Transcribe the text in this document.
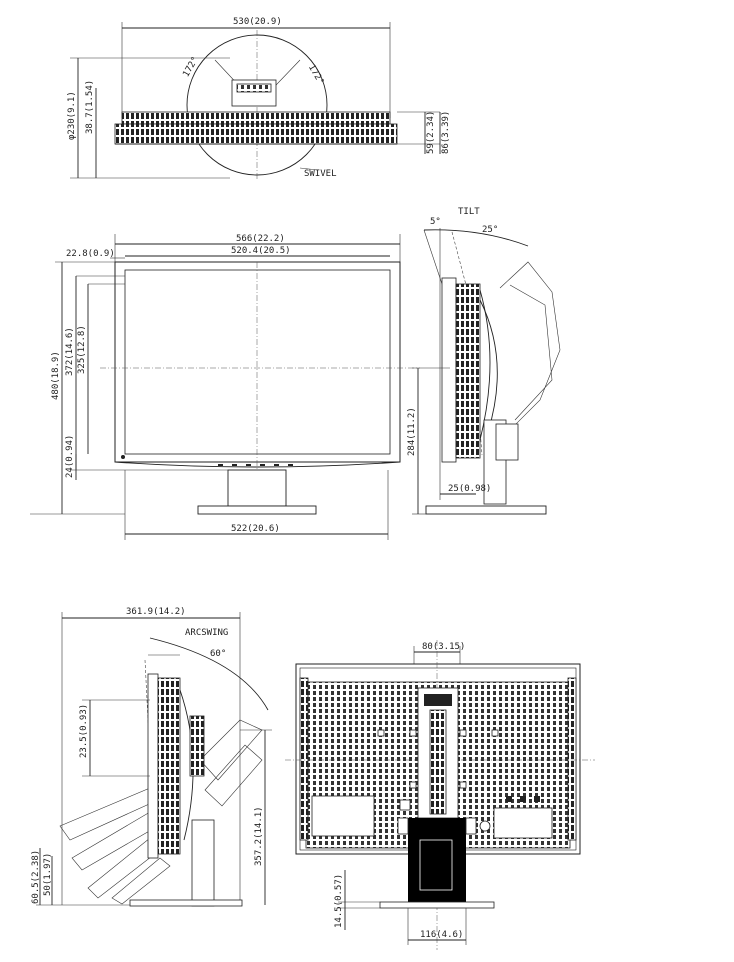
530(20.9)
172°	172°
φ230(9.1) 38.7(1.54)	59(2.34) 86(3.39)
SWIVEL
566(22.2)
520.4(20.5)
22.8(0.9)
480(18.9) 372(14.6) 325(12.8)
24(0.94)
522(20.6)
TILT
5°
25°
284(11.2)
25(0.98)
361.9(14.2)
ARCSWING
60°
23.5(0.93)
357.2(14.1)
60.5(2.38) 50(1.97)
80(3.15)
14.5(0.57)
116(4.6)
